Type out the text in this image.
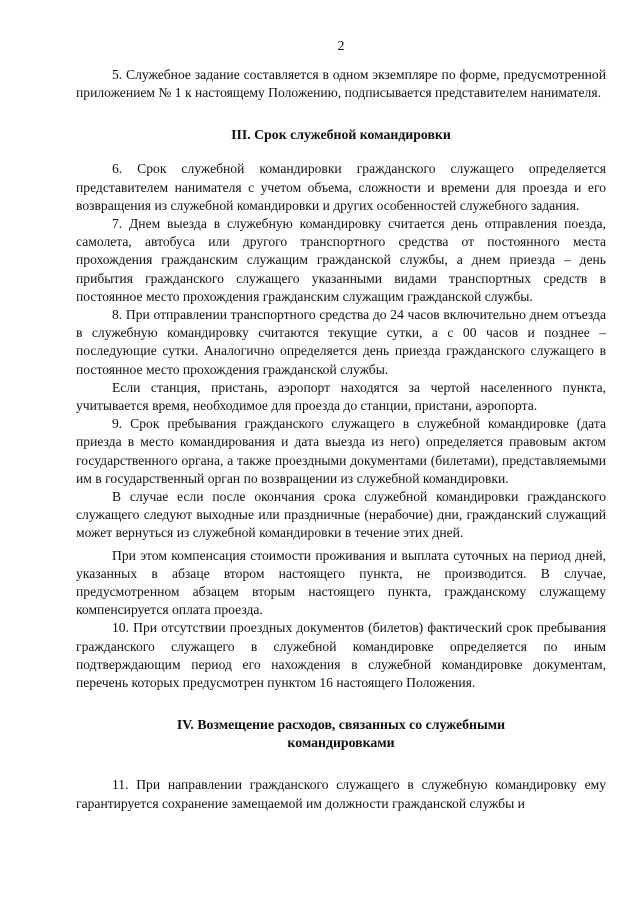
2

5. Служебное задание составляется в одном экземпляре по форме, предусмотренной приложением № 1 к настоящему Положению, подписывается представителем нанимателя.

III. Срок служебной командировки

6. Срок служебной командировки гражданского служащего определяется представителем нанимателя с учетом объема, сложности и времени для проезда и его возвращения из служебной командировки и других особенностей служебного задания.

7. Днем выезда в служебную командировку считается день отправления поезда, самолета, автобуса или другого транспортного средства от постоянного места прохождения гражданским служащим гражданской службы, а днем приезда – день прибытия гражданского служащего указанными видами транспортных средств в постоянное место прохождения гражданским служащим гражданской службы.

8. При отправлении транспортного средства до 24 часов включительно днем отъезда в служебную командировку считаются текущие сутки, а с 00 часов и позднее – последующие сутки. Аналогично определяется день приезда гражданского служащего в постоянное место прохождения гражданской службы.

Если станция, пристань, аэропорт находятся за чертой населенного пункта, учитывается время, необходимое для проезда до станции, пристани, аэропорта.

9. Срок пребывания гражданского служащего в служебной командировке (дата приезда в место командирования и дата выезда из него) определяется правовым актом государственного органа, а также проездными документами (билетами), представляемыми им в государственный орган по возвращении из служебной командировки.

В случае если после окончания срока служебной командировки гражданского служащего следуют выходные или праздничные (нерабочие) дни, гражданский служащий может вернуться из служебной командировки в течение этих дней.

При этом компенсация стоимости проживания и выплата суточных на период дней, указанных в абзаце втором настоящего пункта, не производится. В случае, предусмотренном абзацем вторым настоящего пункта, гражданскому служащему компенсируется оплата проезда.

10. При отсутствии проездных документов (билетов) фактический срок пребывания гражданского служащего в служебной командировке определяется по иным подтверждающим период его нахождения в служебной командировке документам, перечень которых предусмотрен пунктом 16 настоящего Положения.

IV. Возмещение расходов, связанных со служебными
командировками

11. При направлении гражданского служащего в служебную командировку ему гарантируется сохранение замещаемой им должности гражданской службы и
